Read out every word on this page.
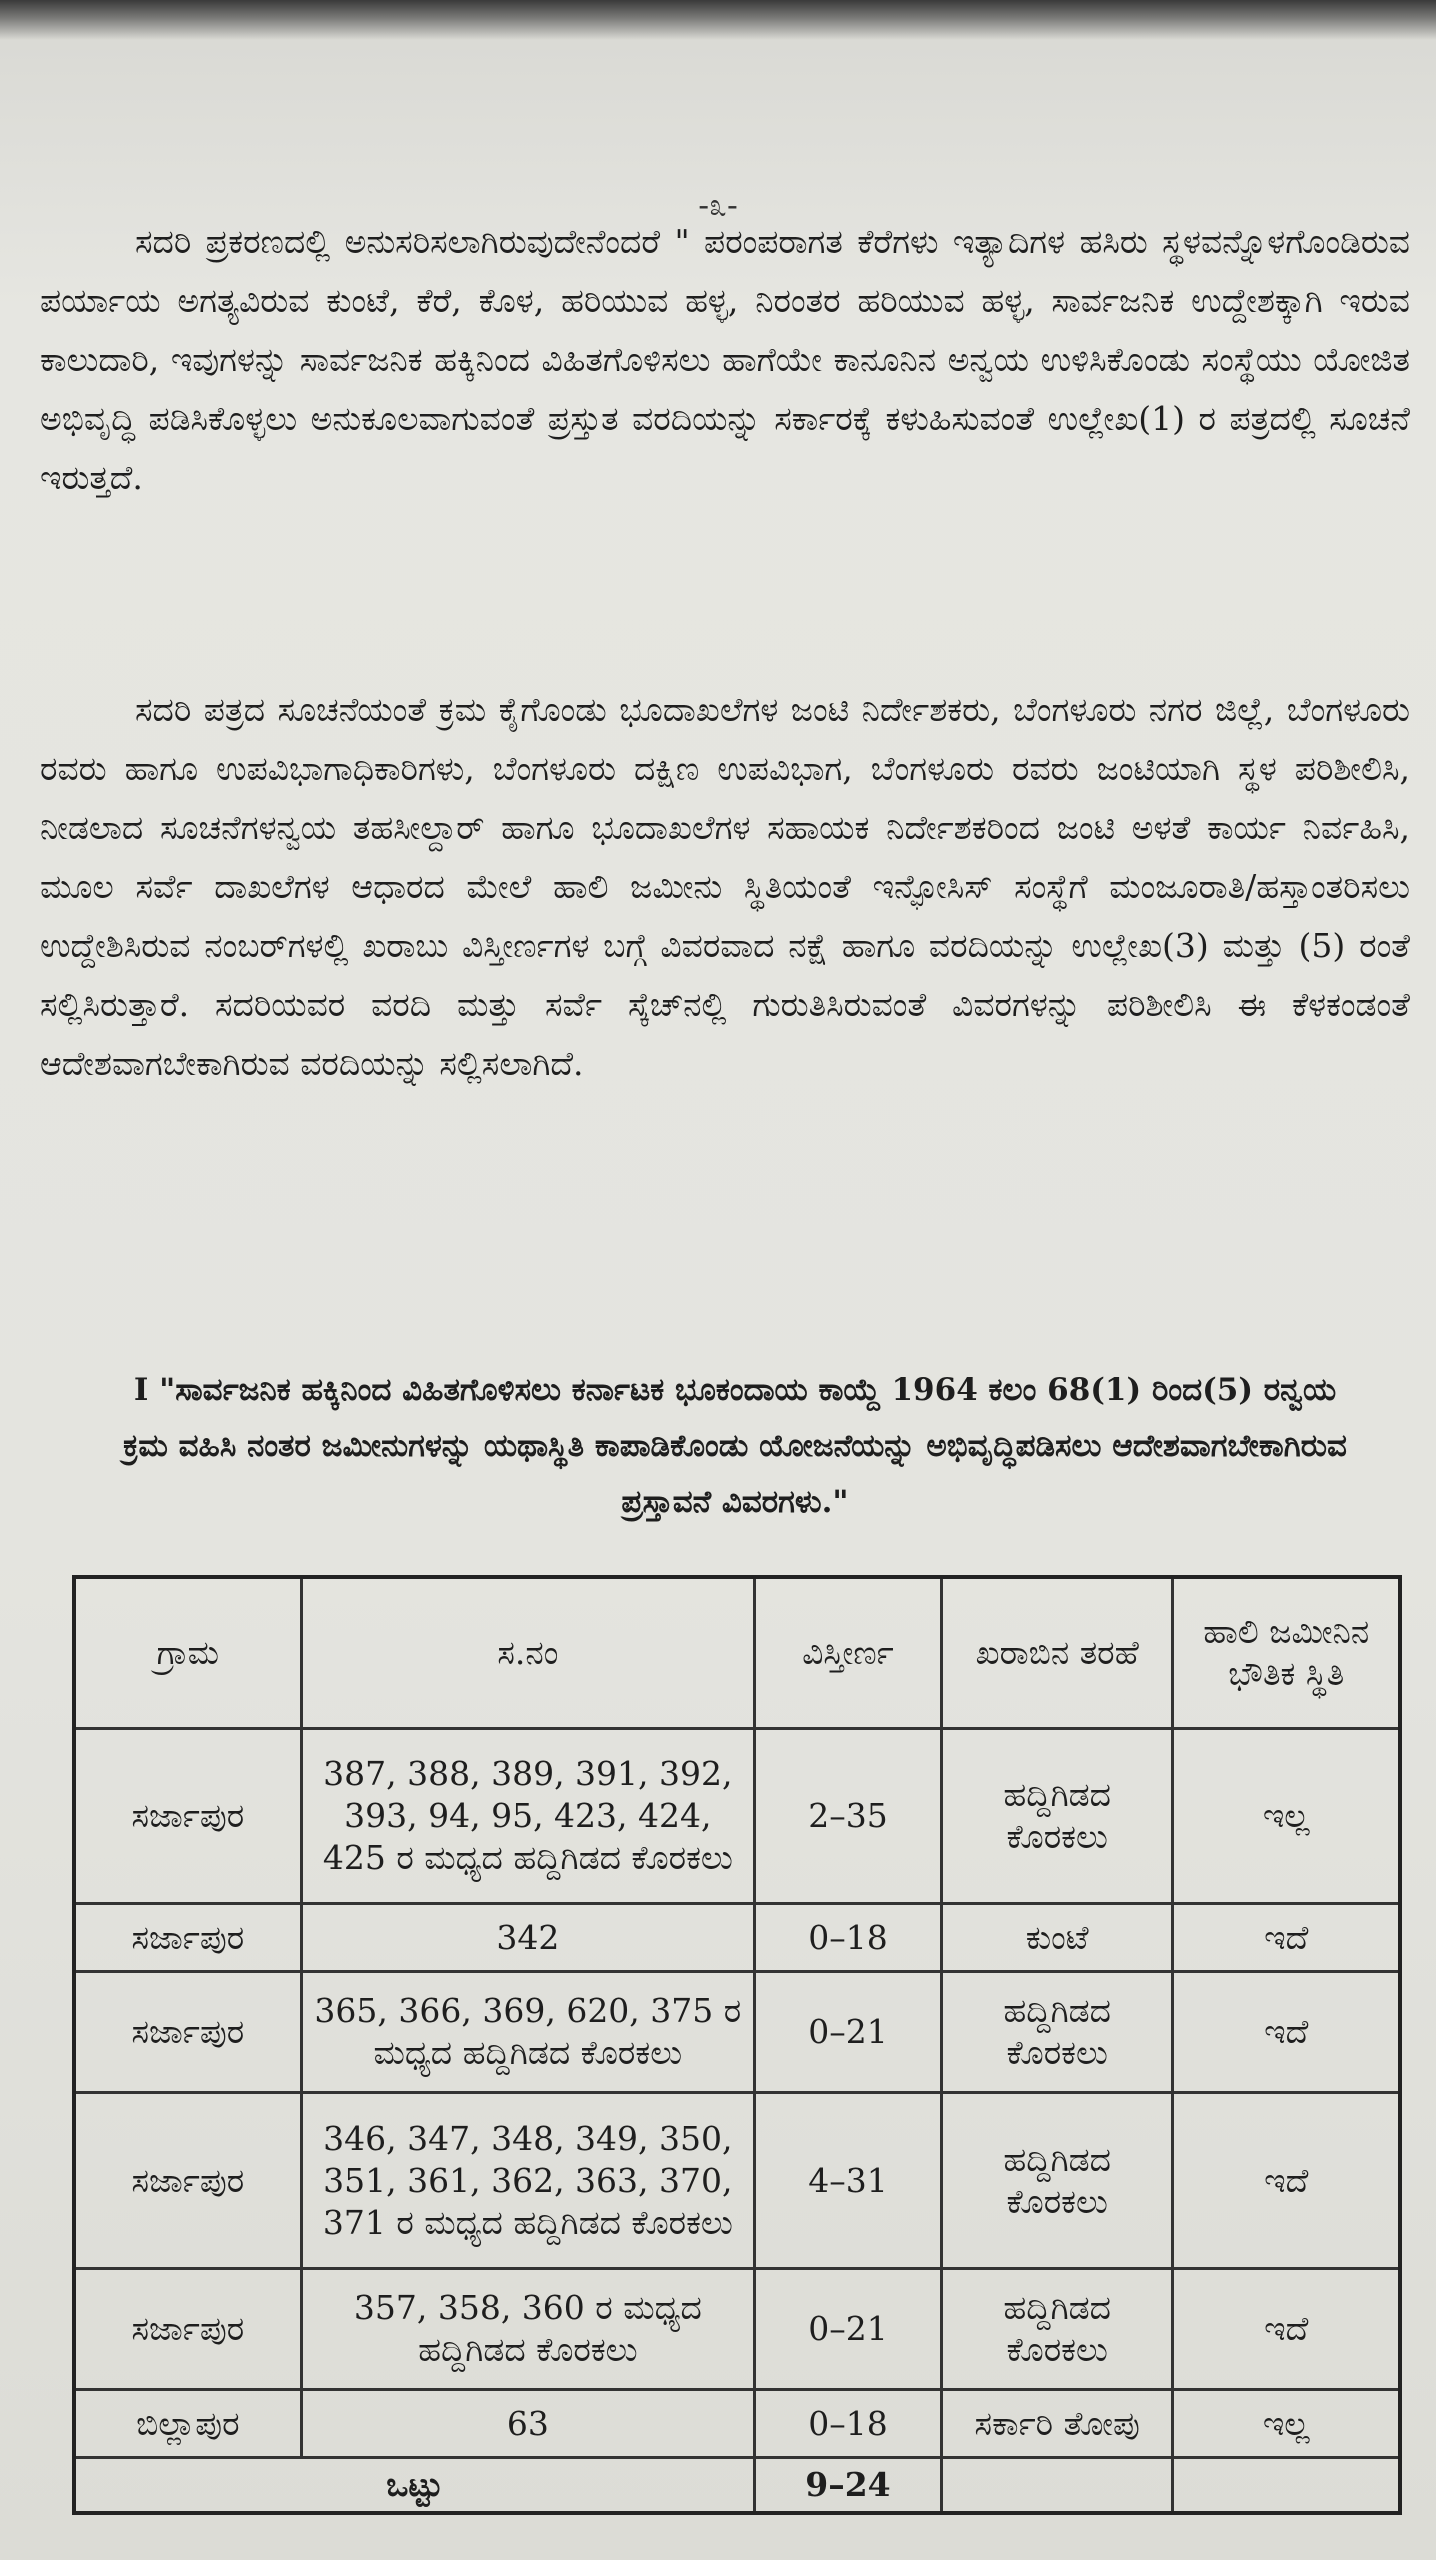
-೩-

ಸದರಿ ಪ್ರಕರಣದಲ್ಲಿ ಅನುಸರಿಸಲಾಗಿರುವುದೇನೆಂದರೆ " ಪರಂಪರಾಗತ ಕೆರೆಗಳು ಇತ್ಯಾದಿಗಳ ಹಸಿರು ಸ್ಥಳವನ್ನೊಳಗೊಂಡಿರುವ ಪರ್ಯಾಯ ಅಗತ್ಯವಿರುವ ಕುಂಟೆ, ಕೆರೆ, ಕೊಳ, ಹರಿಯುವ ಹಳ್ಳ, ನಿರಂತರ ಹರಿಯುವ ಹಳ್ಳ, ಸಾರ್ವಜನಿಕ ಉದ್ದೇಶಕ್ಕಾಗಿ ಇರುವ ಕಾಲುದಾರಿ, ಇವುಗಳನ್ನು ಸಾರ್ವಜನಿಕ ಹಕ್ಕಿನಿಂದ ವಿಹಿತಗೊಳಿಸಲು ಹಾಗೆಯೇ ಕಾನೂನಿನ ಅನ್ವಯ ಉಳಿಸಿಕೊಂಡು ಸಂಸ್ಥೆಯು ಯೋಜಿತ ಅಭಿವೃದ್ಧಿ ಪಡಿಸಿಕೊಳ್ಳಲು ಅನುಕೂಲವಾಗುವಂತೆ ಪ್ರಸ್ತುತ ವರದಿಯನ್ನು ಸರ್ಕಾರಕ್ಕೆ ಕಳುಹಿಸುವಂತೆ ಉಲ್ಲೇಖ(1) ರ ಪತ್ರದಲ್ಲಿ ಸೂಚನೆ ಇರುತ್ತದೆ.

ಸದರಿ ಪತ್ರದ ಸೂಚನೆಯಂತೆ ಕ್ರಮ ಕೈಗೊಂಡು ಭೂದಾಖಲೆಗಳ ಜಂಟಿ ನಿರ್ದೇಶಕರು, ಬೆಂಗಳೂರು ನಗರ ಜಿಲ್ಲೆ, ಬೆಂಗಳೂರು ರವರು ಹಾಗೂ ಉಪವಿಭಾಗಾಧಿಕಾರಿಗಳು, ಬೆಂಗಳೂರು ದಕ್ಷಿಣ ಉಪವಿಭಾಗ, ಬೆಂಗಳೂರು ರವರು ಜಂಟಿಯಾಗಿ ಸ್ಥಳ ಪರಿಶೀಲಿಸಿ, ನೀಡಲಾದ ಸೂಚನೆಗಳನ್ವಯ ತಹಸೀಲ್ದಾರ್ ಹಾಗೂ ಭೂದಾಖಲೆಗಳ ಸಹಾಯಕ ನಿರ್ದೇಶಕರಿಂದ ಜಂಟಿ ಅಳತೆ ಕಾರ್ಯ ನಿರ್ವಹಿಸಿ, ಮೂಲ ಸರ್ವೆ ದಾಖಲೆಗಳ ಆಧಾರದ ಮೇಲೆ ಹಾಲಿ ಜಮೀನು ಸ್ಥಿತಿಯಂತೆ ಇನ್ಫೋಸಿಸ್ ಸಂಸ್ಥೆಗೆ ಮಂಜೂರಾತಿ/ಹಸ್ತಾಂತರಿಸಲು ಉದ್ದೇಶಿಸಿರುವ ನಂಬರ್‌ಗಳಲ್ಲಿ ಖರಾಬು ವಿಸ್ತೀರ್ಣಗಳ ಬಗ್ಗೆ ವಿವರವಾದ ನಕ್ಷೆ ಹಾಗೂ ವರದಿಯನ್ನು ಉಲ್ಲೇಖ(3) ಮತ್ತು (5) ರಂತೆ ಸಲ್ಲಿಸಿರುತ್ತಾರೆ. ಸದರಿಯವರ ವರದಿ ಮತ್ತು ಸರ್ವೆ ಸ್ಕೆಚ್‌ನಲ್ಲಿ ಗುರುತಿಸಿರುವಂತೆ ವಿವರಗಳನ್ನು ಪರಿಶೀಲಿಸಿ ಈ ಕೆಳಕಂಡಂತೆ ಆದೇಶವಾಗಬೇಕಾಗಿರುವ ವರದಿಯನ್ನು ಸಲ್ಲಿಸಲಾಗಿದೆ.

I "ಸಾರ್ವಜನಿಕ ಹಕ್ಕಿನಿಂದ ವಿಹಿತಗೊಳಿಸಲು ಕರ್ನಾಟಕ ಭೂಕಂದಾಯ ಕಾಯ್ದೆ 1964 ಕಲಂ 68(1) ರಿಂದ(5) ರನ್ವಯ ಕ್ರಮ ವಹಿಸಿ ನಂತರ ಜಮೀನುಗಳನ್ನು ಯಥಾಸ್ಥಿತಿ ಕಾಪಾಡಿಕೊಂಡು ಯೋಜನೆಯನ್ನು ಅಭಿವೃದ್ಧಿಪಡಿಸಲು ಆದೇಶವಾಗಬೇಕಾಗಿರುವ ಪ್ರಸ್ತಾವನೆ ವಿವರಗಳು."

ಗ್ರಾಮ	ಸ.ನಂ	ವಿಸ್ತೀರ್ಣ	ಖರಾಬಿನ ತರಹೆ	ಹಾಲಿ ಜಮೀನಿನ ಭೌತಿಕ ಸ್ಥಿತಿ
ಸರ್ಜಾಪುರ	387, 388, 389, 391, 392, 393, 94, 95, 423, 424, 425 ರ ಮಧ್ಯದ ಹದ್ದಿಗಿಡದ ಕೊರಕಲು	2–35	ಹದ್ದಿಗಿಡದ ಕೊರಕಲು	ಇಲ್ಲ
ಸರ್ಜಾಪುರ	342	0–18	ಕುಂಟೆ	ಇದೆ
ಸರ್ಜಾಪುರ	365, 366, 369, 620, 375 ರ ಮಧ್ಯದ ಹದ್ದಿಗಿಡದ ಕೊರಕಲು	0–21	ಹದ್ದಿಗಿಡದ ಕೊರಕಲು	ಇದೆ
ಸರ್ಜಾಪುರ	346, 347, 348, 349, 350, 351, 361, 362, 363, 370, 371 ರ ಮಧ್ಯದ ಹದ್ದಿಗಿಡದ ಕೊರಕಲು	4–31	ಹದ್ದಿಗಿಡದ ಕೊರಕಲು	ಇದೆ
ಸರ್ಜಾಪುರ	357, 358, 360 ರ ಮಧ್ಯದ ಹದ್ದಿಗಿಡದ ಕೊರಕಲು	0–21	ಹದ್ದಿಗಿಡದ ಕೊರಕಲು	ಇದೆ
ಬಿಲ್ಲಾಪುರ	63	0–18	ಸರ್ಕಾರಿ ತೋಪು	ಇಲ್ಲ
ಒಟ್ಟು		9–24		
